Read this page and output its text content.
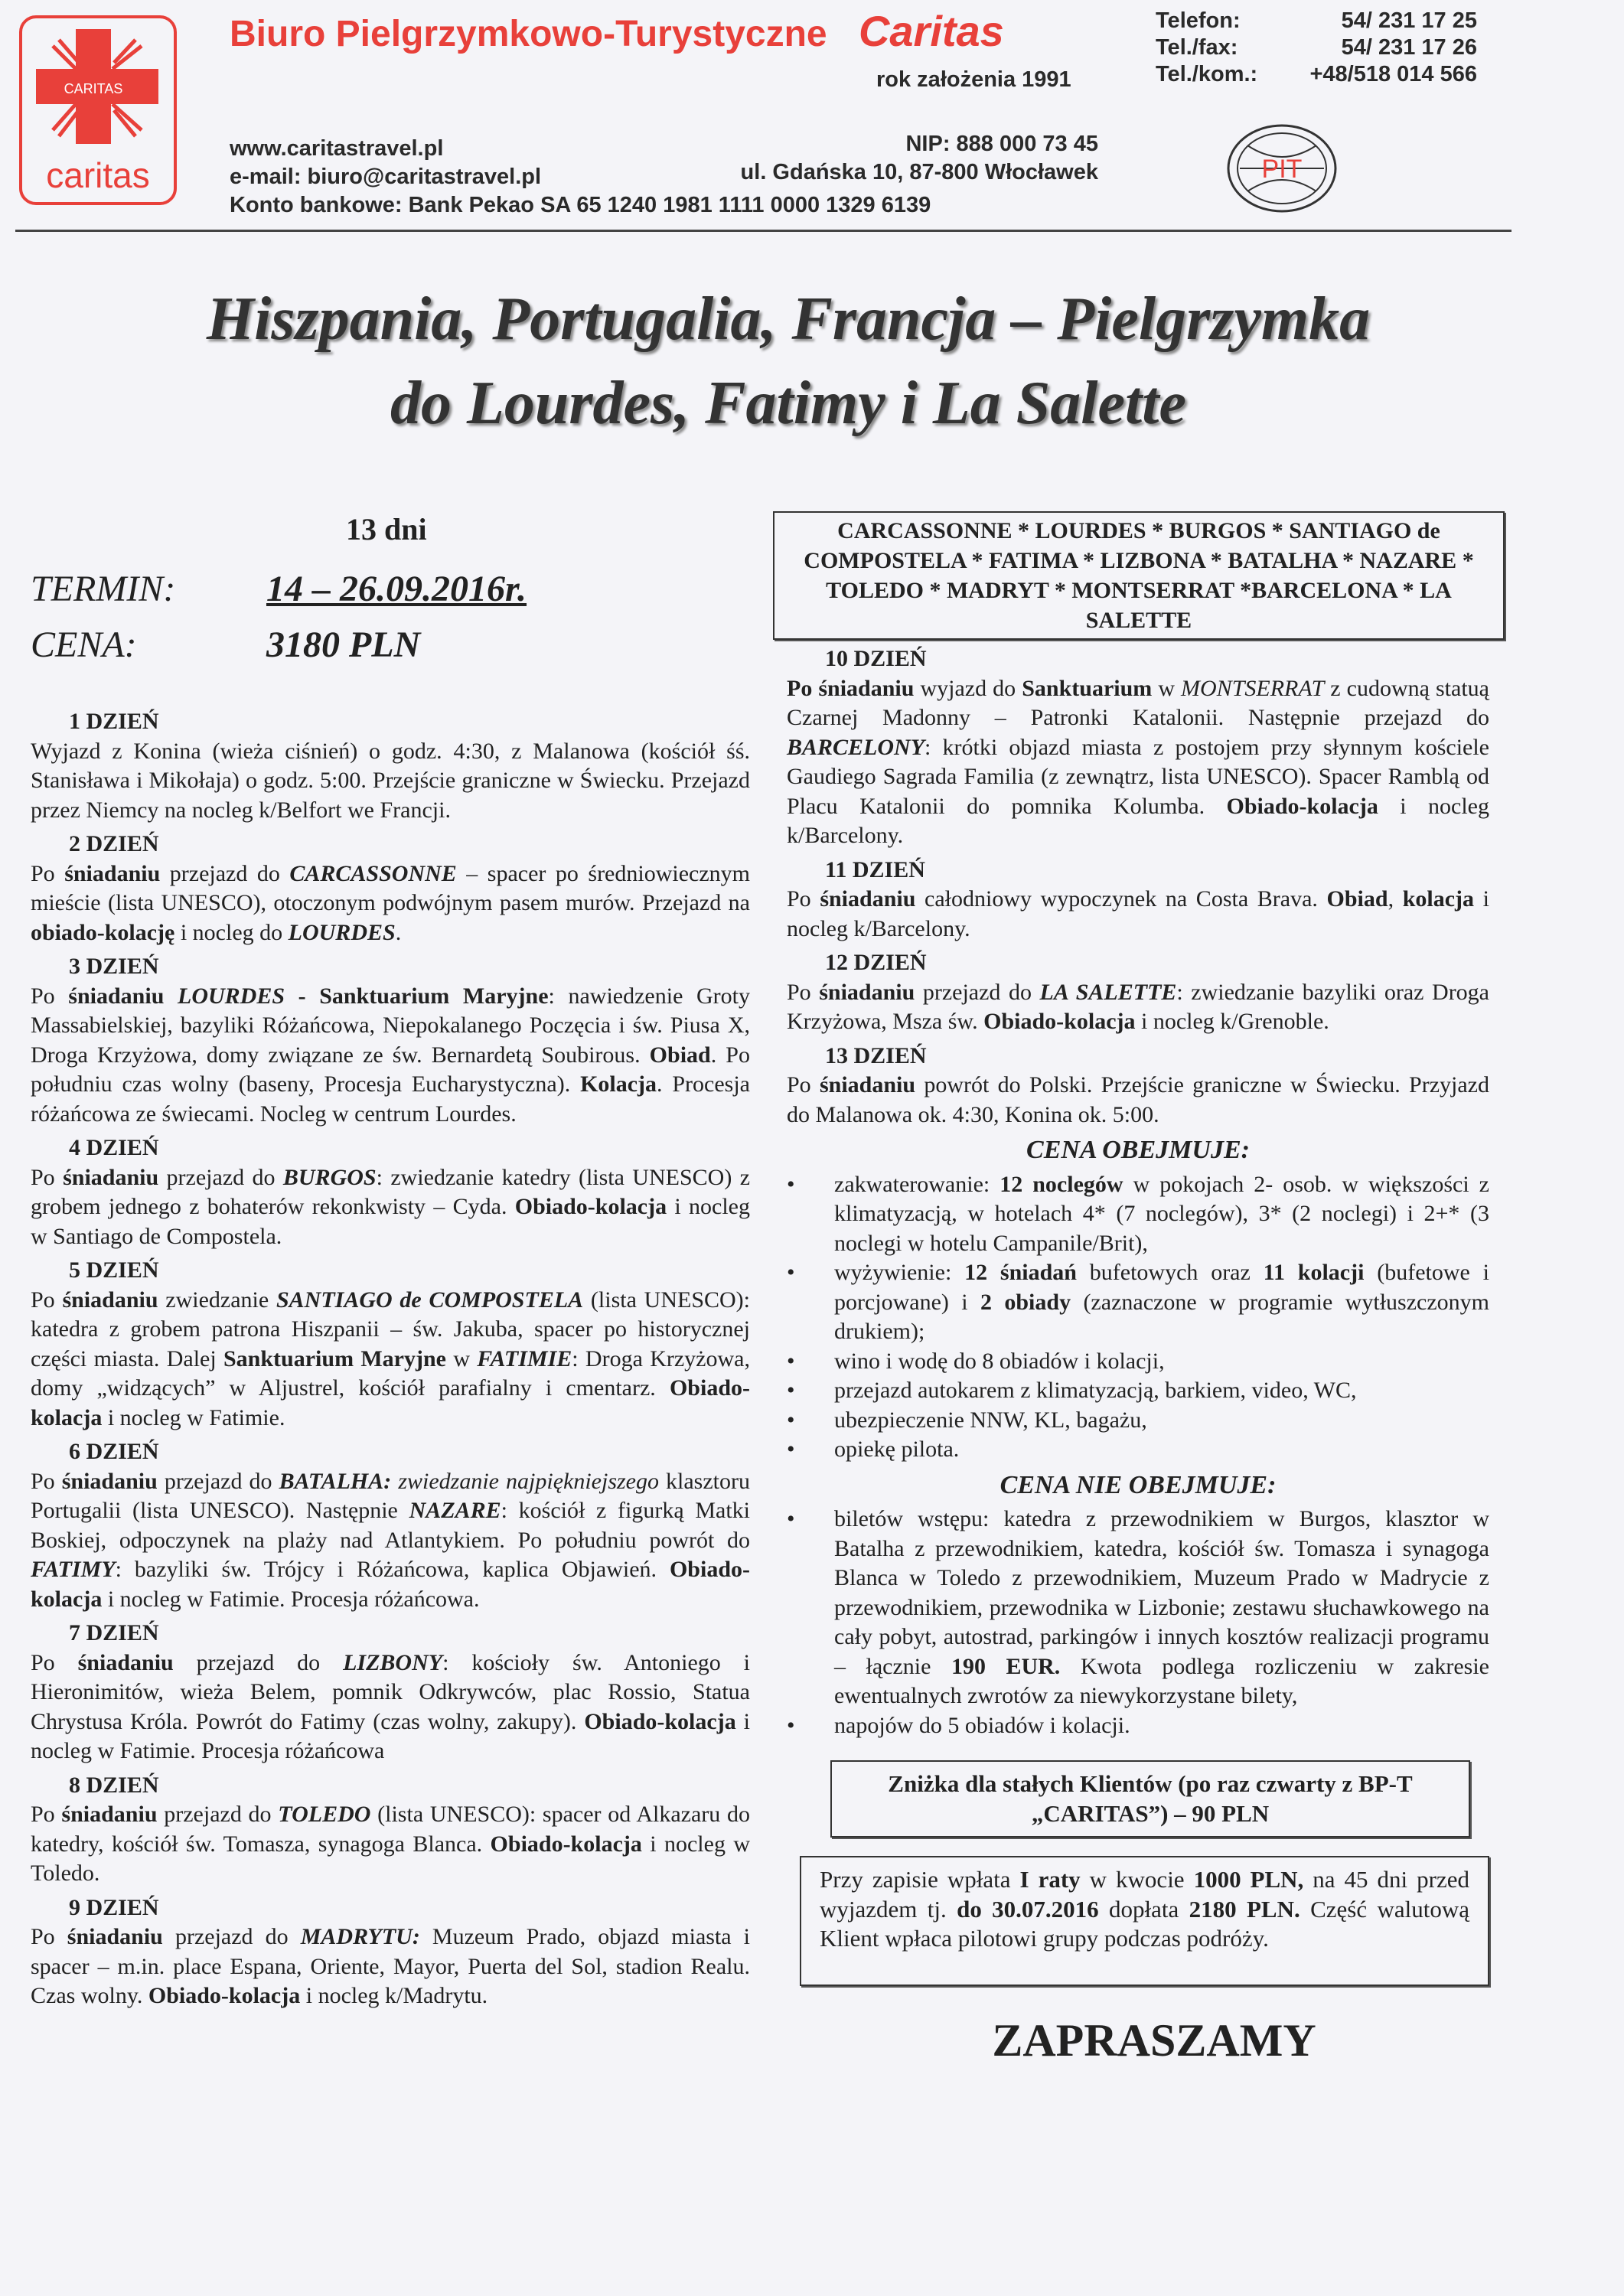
CARITAS
caritas
Biuro Pielgrzymkowo-Turystyczne Caritas
rok założenia 1991
Telefon:	54/ 231 17 25
Tel./fax:	54/ 231 17 26
Tel./kom.: +48/518 014 566
www.caritastravel.pl
e-mail: biuro@caritastravel.pl
Konto bankowe: Bank Pekao SA 65 1240 1981 1111 0000 1329 6139
NIP: 888 000 73 45
ul. Gdańska 10, 87-800 Włocławek	PIT
Hiszpania, Portugalia, Francja – Pielgrzymka
do Lourdes, Fatimy i La Salette
13 dni
TERMIN: 14 – 26.09.2016r.
CENA:	3180 PLN
1 DZIEŃ

Wyjazd z Konina (wieża ciśnień) o godz. 4:30, z Malanowa (kościół śś. Stanisława i Mikołaja) o godz. 5:00. Przejście graniczne w Świecku. Przejazd przez Niemcy na nocleg k/Belfort we Francji.

2 DZIEŃ

Po śniadaniu przejazd do CARCASSONNE – spacer po średniowiecznym mieście (lista UNESCO), otoczonym podwójnym pasem murów. Przejazd na obiado-kolację i nocleg do LOURDES.

3 DZIEŃ

Po śniadaniu LOURDES - Sanktuarium Maryjne: nawiedzenie Groty Massabielskiej, bazyliki Różańcowa, Niepokalanego Poczęcia i św. Piusa X, Droga Krzyżowa, domy związane ze św. Bernardetą Soubirous. Obiad. Po południu czas wolny (baseny, Procesja Eucharystyczna). Kolacja. Procesja różańcowa ze świecami. Nocleg w centrum Lourdes.

4 DZIEŃ

Po śniadaniu przejazd do BURGOS: zwiedzanie katedry (lista UNESCO) z grobem jednego z bohaterów rekonkwisty – Cyda. Obiado-kolacja i nocleg w Santiago de Compostela.

5 DZIEŃ

Po śniadaniu zwiedzanie SANTIAGO de COMPOSTELA (lista UNESCO): katedra z grobem patrona Hiszpanii – św. Jakuba, spacer po historycznej części miasta. Dalej Sanktuarium Maryjne w FATIMIE: Droga Krzyżowa, domy „widzących” w Aljustrel, kościół parafialny i cmentarz. Obiado-kolacja i nocleg w Fatimie.

6 DZIEŃ

Po śniadaniu przejazd do BATALHA: zwiedzanie najpiękniejszego klasztoru Portugalii (lista UNESCO). Następnie NAZARE: kościół z figurką Matki Boskiej, odpoczynek na plaży nad Atlantykiem. Po południu powrót do FATIMY: bazyliki św. Trójcy i Różańcowa, kaplica Objawień. Obiado-kolacja i nocleg w Fatimie. Procesja różańcowa.

7 DZIEŃ

Po śniadaniu przejazd do LIZBONY: kościoły św. Antoniego i Hieronimitów, wieża Belem, pomnik Odkrywców, plac Rossio, Statua Chrystusa Króla. Powrót do Fatimy (czas wolny, zakupy). Obiado-kolacja i nocleg w Fatimie. Procesja różańcowa

8 DZIEŃ

Po śniadaniu przejazd do TOLEDO (lista UNESCO): spacer od Alkazaru do katedry, kościół św. Tomasza, synagoga Blanca. Obiado-kolacja i nocleg w Toledo.

9 DZIEŃ

Po śniadaniu przejazd do MADRYTU: Muzeum Prado, objazd miasta i spacer – m.in. place Espana, Oriente, Mayor, Puerta del Sol, stadion Realu. Czas wolny. Obiado-kolacja i nocleg k/Madrytu.

CARCASSONNE * LOURDES * BURGOS * SANTIAGO de COMPOSTELA * FATIMA * LIZBONA * BATALHA * NAZARE * TOLEDO * MADRYT * MONTSERRAT *BARCELONA * LA SALETTE
10 DZIEŃ

Po śniadaniu wyjazd do Sanktuarium w MONTSERRAT z cudowną statuą Czarnej Madonny – Patronki Katalonii. Następnie przejazd do BARCELONY: krótki objazd miasta z postojem przy słynnym kościele Gaudiego Sagrada Familia (z zewnątrz, lista UNESCO). Spacer Ramblą od Placu Katalonii do pomnika Kolumba. Obiado-kolacja i nocleg k/Barcelony.

11 DZIEŃ

Po śniadaniu całodniowy wypoczynek na Costa Brava. Obiad, kolacja i nocleg k/Barcelony.

12 DZIEŃ

Po śniadaniu przejazd do LA SALETTE: zwiedzanie bazyliki oraz Droga Krzyżowa, Msza św. Obiado-kolacja i nocleg k/Grenoble.

13 DZIEŃ

Po śniadaniu powrót do Polski. Przejście graniczne w Świecku. Przyjazd do Malanowa ok. 4:30, Konina ok. 5:00.

CENA OBEJMUJE:
• zakwaterowanie: 12 noclegów w pokojach 2- osob. w większości z klimatyzacją, w hotelach 4* (7 noclegów), 3* (2 noclegi) i 2+* (3 noclegi w hotelu Campanile/Brit),
• wyżywienie: 12 śniadań bufetowych oraz 11 kolacji (bufetowe i porcjowane) i 2 obiady (zaznaczone w programie wytłuszczonym drukiem);
• wino i wodę do 8 obiadów i kolacji,
• przejazd autokarem z klimatyzacją, barkiem, video, WC,
• ubezpieczenie NNW, KL, bagażu,
• opiekę pilota.
CENA NIE OBEJMUJE:
• biletów wstępu: katedra z przewodnikiem w Burgos, klasztor w Batalha z przewodnikiem, katedra, kościół św. Tomasza i synagoga Blanca w Toledo z przewodnikiem, Muzeum Prado w Madrycie z przewodnikiem, przewodnika w Lizbonie; zestawu słuchawkowego na cały pobyt, autostrad, parkingów i innych kosztów realizacji programu – łącznie 190 EUR. Kwota podlega rozliczeniu w zakresie ewentualnych zwrotów za niewykorzystane bilety,
• napojów do 5 obiadów i kolacji.
Zniżka dla stałych Klientów (po raz czwarty z BP-T „CARITAS”) – 90 PLN
Przy zapisie wpłata I raty w kwocie 1000 PLN, na 45 dni przed wyjazdem tj. do 30.07.2016 dopłata 2180 PLN. Część walutową Klient wpłaca pilotowi grupy podczas podróży.
ZAPRASZAMY
